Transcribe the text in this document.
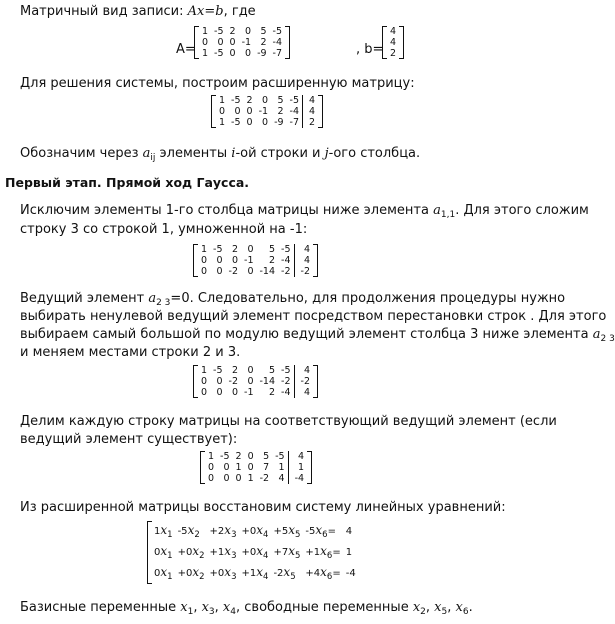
Матричный вид записи: Ax=b, где
A=
1	-5	2	0	5	-5
0	0	0	-1	2	-4
1	-5	0	0	-9	-7	, b=
4
4
2
Для решения системы, построим расширенную матрицу:
1	-5	2	0	5	-5	4
0	0	0	-1	2	-4	4
1	-5	0	0	-9	-7	2
Обозначим через $a_{ij}$ элементы i-ой строки и j-ого столбца.
Первый этап. Прямой ход Гаусса.
Исключим элементы 1-го столбца матрицы ниже элемента $a_{1,1}$. Для этого сложим
строку 3 со строкой 1, умноженной на -1:
1	-5	2	0	5	-5	4
0	0	0	-1	2	-4	4
0	0	-2	0	-14	-2	-2
Ведущий элемент $a_{2 3}=0$. Следовательно, для продолжения процедуры нужно
выбирать ненулевой ведущий элемент посредством перестановки строк . Для этого
выбираем самый большой по модулю ведущий элемент столбца 3 ниже элемента $a_{2 3}$
и меняем местами строки 2 и 3.
1	-5	2	0	5	-5	4
0	0	-2	0	-14	-2	-2
0	0	0	-1	2	-4	4
Делим каждую строку матрицы на соответствующий ведущий элемент (если
ведущий элемент существует):
1	-5	2	0	5	-5	4
0	0	1	0	7	1	1
0	0	0	1	-2	4	-4
Из расширенной матрицы восстановим систему линейных уравнений:
$1x_1$	$-5x_2$	$+2x_3$	$+0x_4$	$+5x_5$	$-5x_6=$	4
$0x_1$	$+0x_2$	$+1x_3$	$+0x_4$	$+7x_5$	$+1x_6=$	1
$0x_1$	$+0x_2$	$+0x_3$	$+1x_4$	$-2x_5$	$+4x_6=$	-4
Базисные переменные $x_1$, $x_3$, $x_4$, свободные переменные $x_2$, $x_5$, $x_6$.
